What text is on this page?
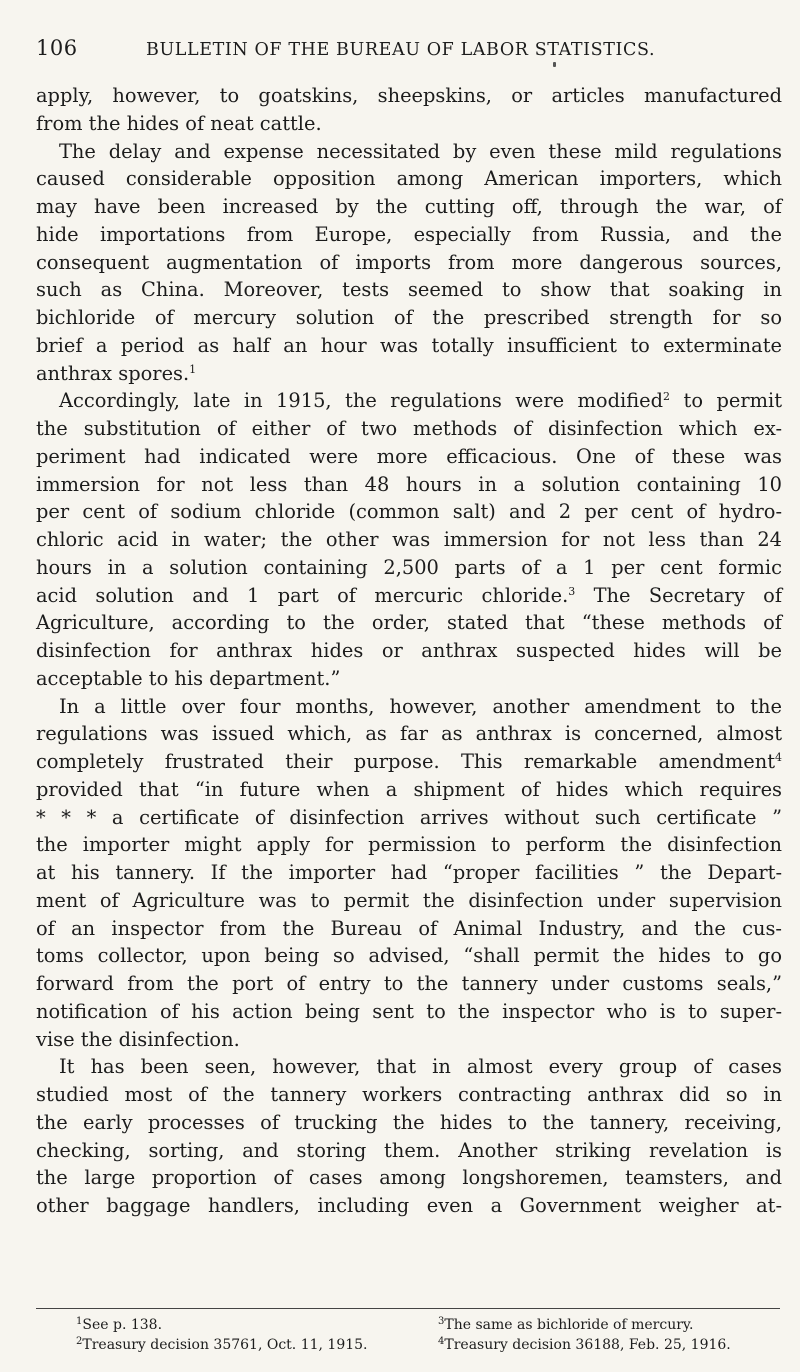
106	BULLETIN OF THE BUREAU OF LABOR STATISTICS.
apply, however, to goatskins, sheepskins, or articles manufactured
from the hides of neat cattle.
The delay and expense necessitated by even these mild regulations
caused considerable opposition among American importers, which
may have been increased by the cutting off, through the war, of
hide importations from Europe, especially from Russia, and the
consequent augmentation of imports from more dangerous sources,
such as China. Moreover, tests seemed to show that soaking in
bichloride of mercury solution of the prescribed strength for so
brief a period as half an hour was totally insufficient to exterminate
anthrax spores.$^1$
Accordingly, late in 1915, the regulations were modified$^2$ to permit
the substitution of either of two methods of disinfection which ex-
periment had indicated were more efficacious. One of these was
immersion for not less than 48 hours in a solution containing 10
per cent of sodium chloride (common salt) and 2 per cent of hydro-
chloric acid in water; the other was immersion for not less than 24
hours in a solution containing 2,500 parts of a 1 per cent formic
acid solution and 1 part of mercuric chloride.$^3$ The Secretary of
Agriculture, according to the order, stated that “these methods of
disinfection for anthrax hides or anthrax suspected hides will be
acceptable to his department.”
In a little over four months, however, another amendment to the
regulations was issued which, as far as anthrax is concerned, almost
completely frustrated their purpose. This remarkable amendment$^4$
provided that “in future when a shipment of hides which requires
* * * a certificate of disinfection arrives without such certificate ”
the importer might apply for permission to perform the disinfection
at his tannery. If the importer had “proper facilities ” the Depart-
ment of Agriculture was to permit the disinfection under supervision
of an inspector from the Bureau of Animal Industry, and the cus-
toms collector, upon being so advised, “shall permit the hides to go
forward from the port of entry to the tannery under customs seals,”
notification of his action being sent to the inspector who is to super-
vise the disinfection.
It has been seen, however, that in almost every group of cases
studied most of the tannery workers contracting anthrax did so in
the early processes of trucking the hides to the tannery, receiving,
checking, sorting, and storing them. Another striking revelation is
the large proportion of cases among longshoremen, teamsters, and
other baggage handlers, including even a Government weigher at-
$^1$See p. 138.	$^3$The same as bichloride of mercury.
$^2$Treasury decision 35761, Oct. 11, 1915.	$^4$Treasury decision 36188, Feb. 25, 1916.
